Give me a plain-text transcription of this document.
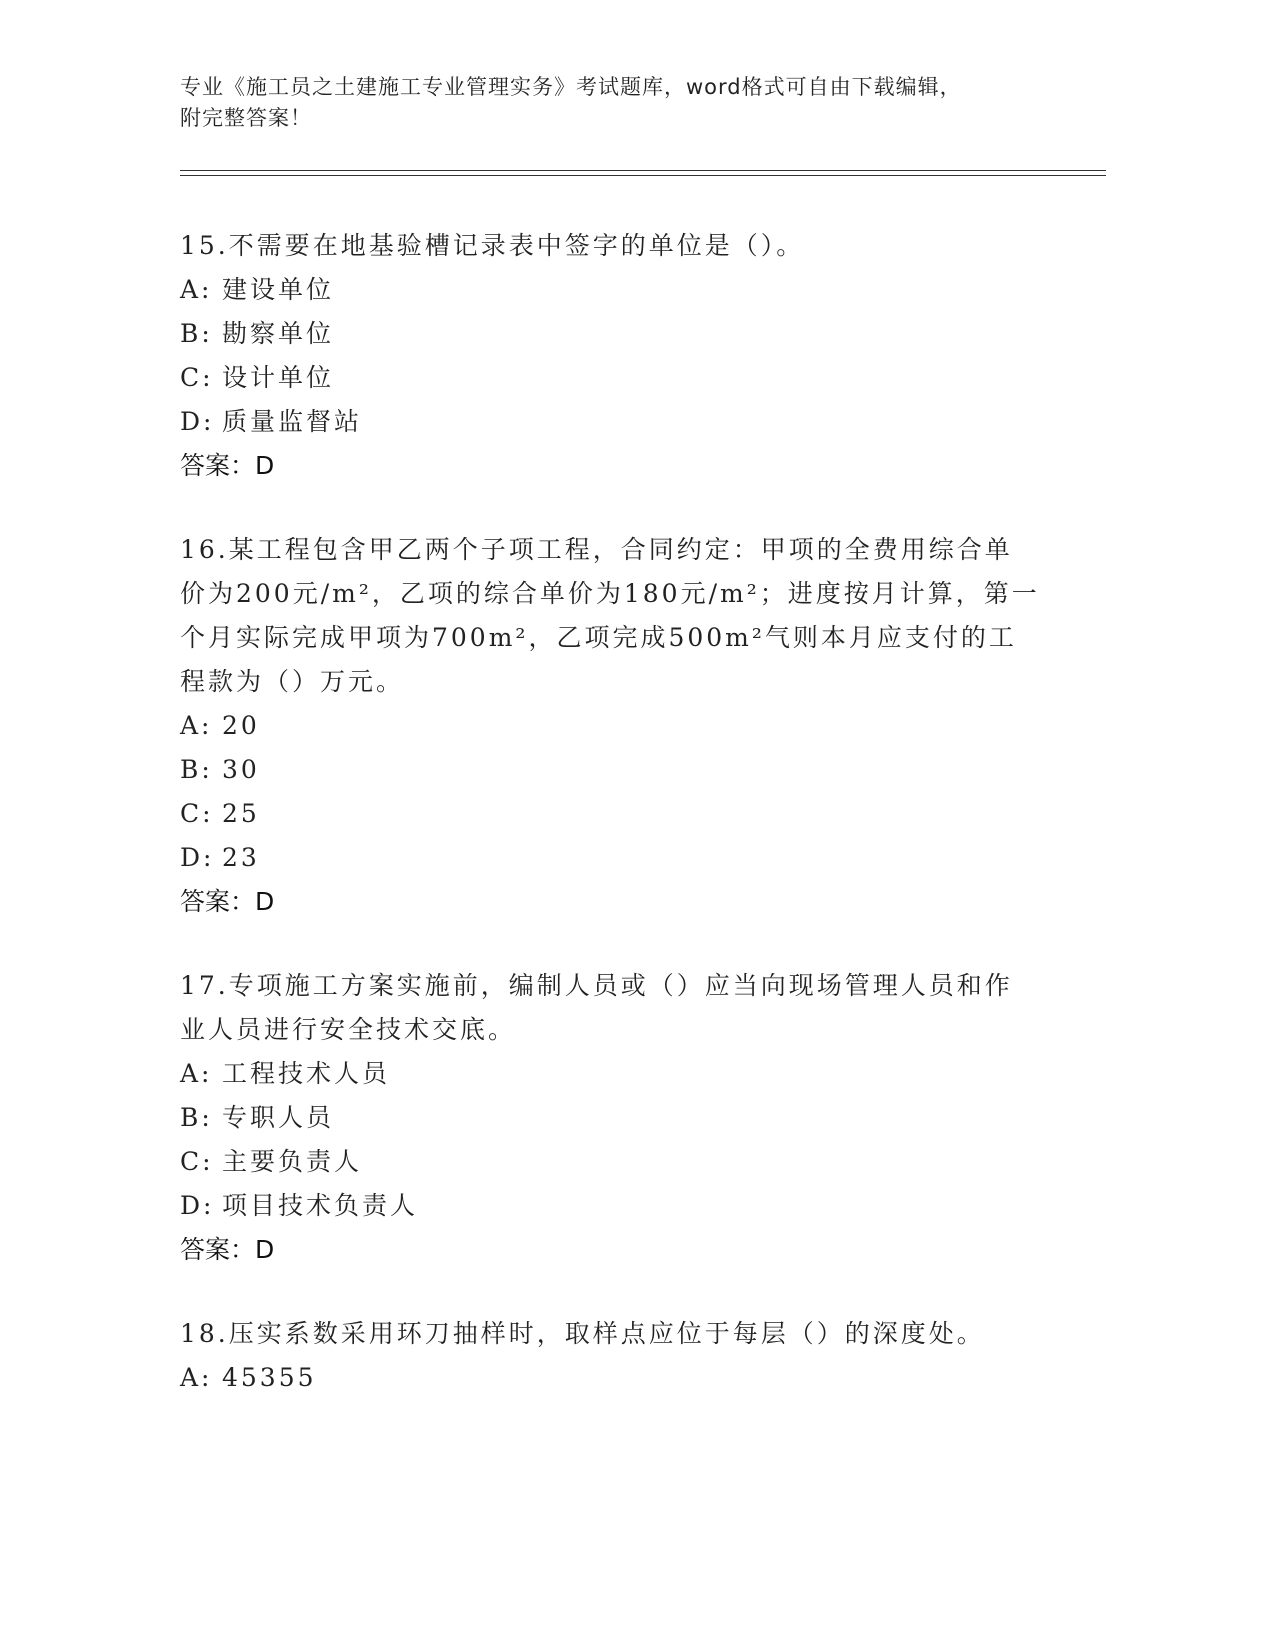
专业《施工员之土建施工专业管理实务》考试题库，word格式可自由下载编辑，
附完整答案！

15.不需要在地基验槽记录表中签字的单位是（）。

A: 建设单位

B: 勘察单位

C: 设计单位

D: 质量监督站

答案：D

16.某工程包含甲乙两个子项工程，合同约定：甲项的全费用综合单价为200元/m²，乙项的综合单价为180元/m²；进度按月计算，第一个月实际完成甲项为700m²，乙项完成500m²气则本月应支付的工程款为（）万元。

A: 20

B: 30

C: 25

D: 23

答案：D

17.专项施工方案实施前，编制人员或（）应当向现场管理人员和作业人员进行安全技术交底。

A: 工程技术人员

B: 专职人员

C: 主要负责人

D: 项目技术负责人

答案：D

18.压实系数采用环刀抽样时，取样点应位于每层（）的深度处。

A: 45355
